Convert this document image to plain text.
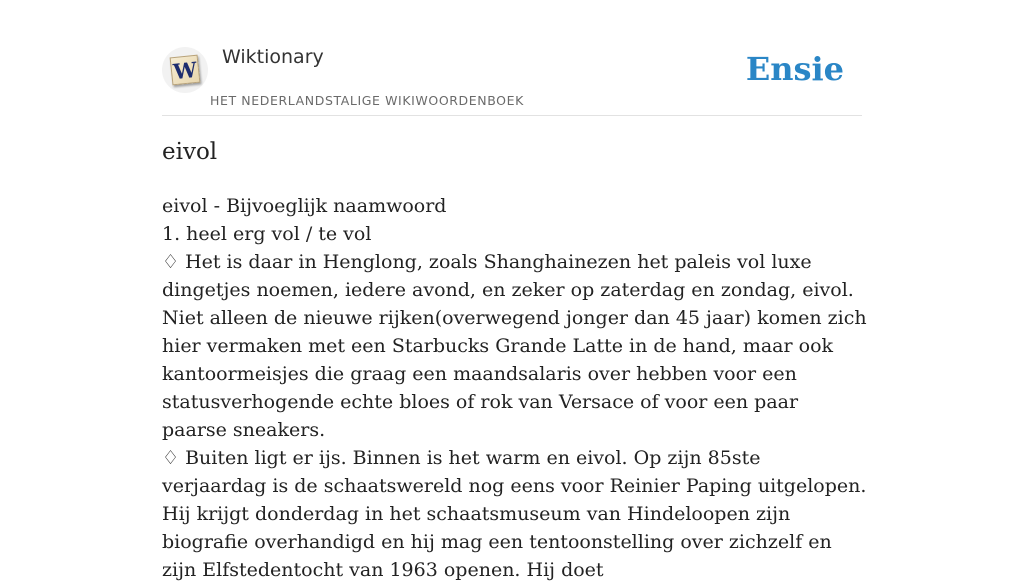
W Wiktionary
HET NEDERLANDSTALIGE WIKIWOORDENBOEK
Ensie
eivol
eivol - Bijvoeglijk naamwoord
1. heel erg vol / te vol
♢ Het is daar in Henglong, zoals Shanghainezen het paleis vol luxe dingetjes noemen, iedere avond, en zeker op zaterdag en zondag, eivol. Niet alleen de nieuwe rijken(overwegend jonger dan 45 jaar) komen zich hier vermaken met een Starbucks Grande Latte in de hand, maar ook kantoormeisjes die graag een maandsalaris over hebben voor een statusverhogende echte bloes of rok van Versace of voor een paar paarse sneakers.
♢ Buiten ligt er ijs. Binnen is het warm en eivol. Op zijn 85ste verjaardag is de schaatswereld nog eens voor Reinier Paping uitgelopen. Hij krijgt donderdag in het schaatsmuseum van Hindeloopen zijn biografie overhandigd en hij mag een tentoonstelling over zichzelf en zijn Elfstedentocht van 1963 openen. Hij doet
